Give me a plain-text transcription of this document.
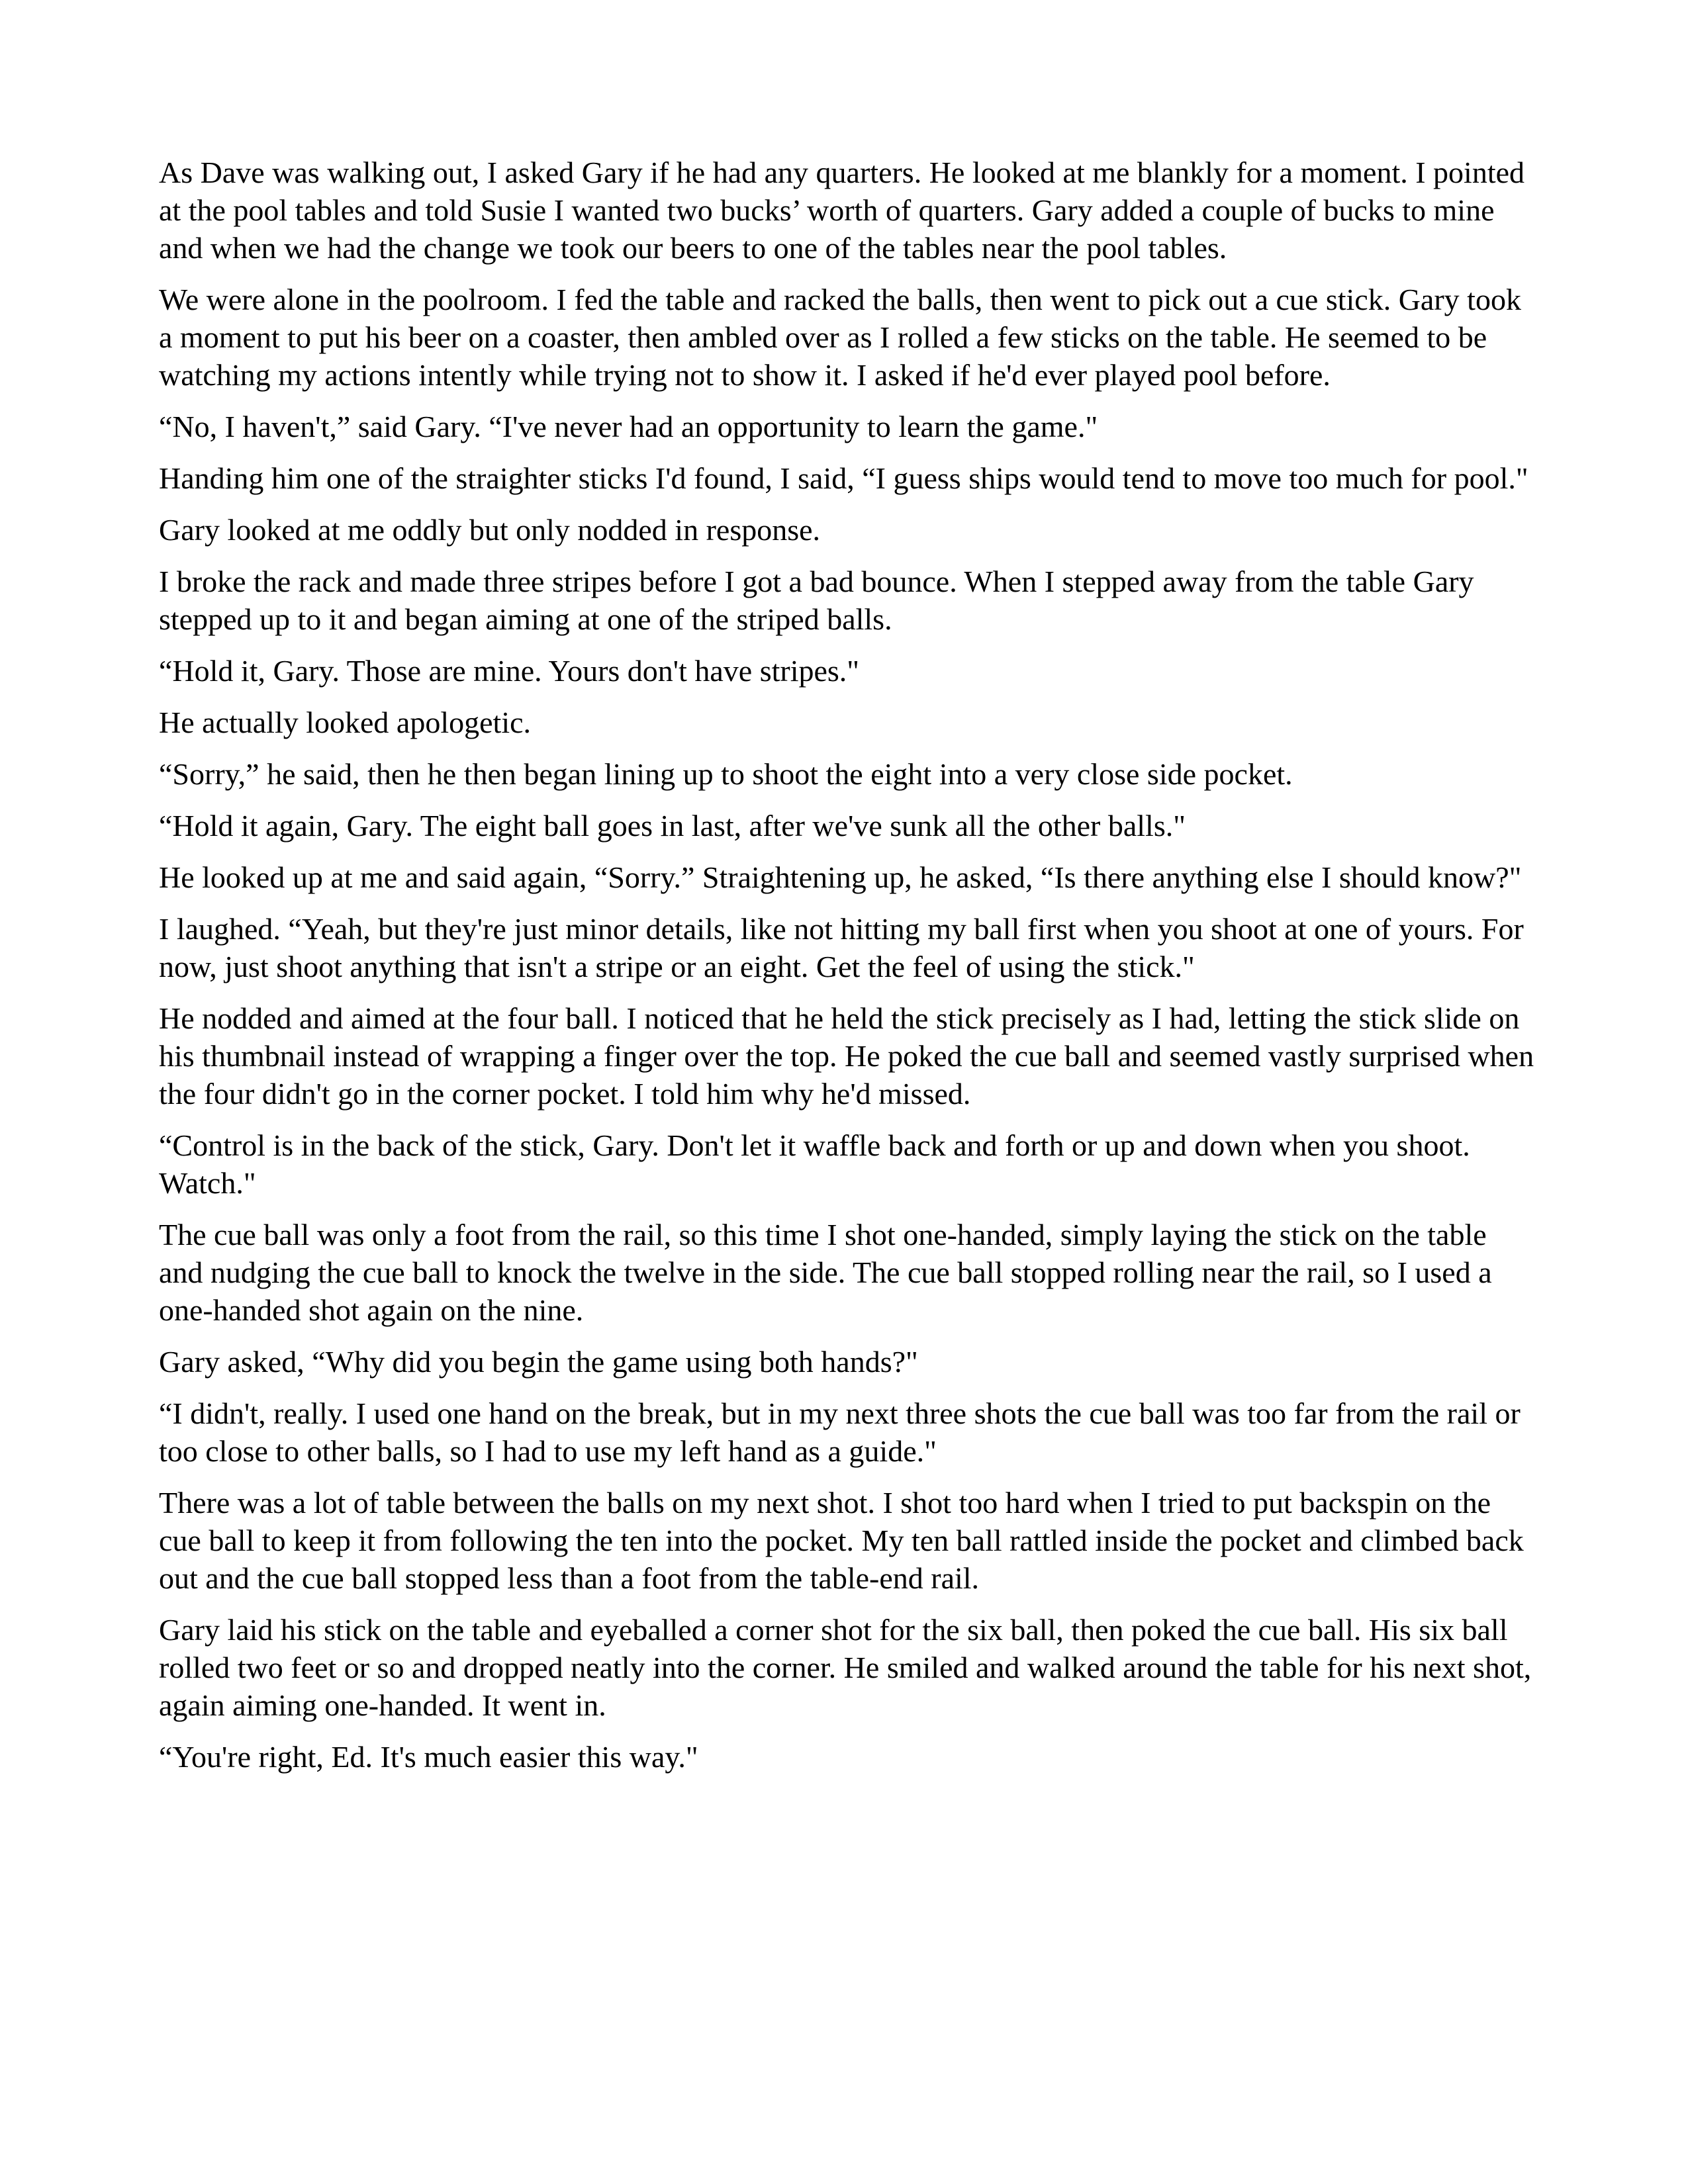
As Dave was walking out, I asked Gary if he had any quarters. He looked at me blankly for a moment. I pointed at the pool tables and told Susie I wanted two bucks’ worth of quarters. Gary added a couple of bucks to mine and when we had the change we took our beers to one of the tables near the pool tables.

We were alone in the poolroom. I fed the table and racked the balls, then went to pick out a cue stick. Gary took a moment to put his beer on a coaster, then ambled over as I rolled a few sticks on the table. He seemed to be watching my actions intently while trying not to show it. I asked if he'd ever played pool before.

“No, I haven't,” said Gary. “I've never had an opportunity to learn the game."

Handing him one of the straighter sticks I'd found, I said, “I guess ships would tend to move too much for pool."

Gary looked at me oddly but only nodded in response.

I broke the rack and made three stripes before I got a bad bounce. When I stepped away from the table Gary stepped up to it and began aiming at one of the striped balls.

“Hold it, Gary. Those are mine. Yours don't have stripes."

He actually looked apologetic.

“Sorry,” he said, then he then began lining up to shoot the eight into a very close side pocket.

“Hold it again, Gary. The eight ball goes in last, after we've sunk all the other balls."

He looked up at me and said again, “Sorry.” Straightening up, he asked, “Is there anything else I should know?"

I laughed. “Yeah, but they're just minor details, like not hitting my ball first when you shoot at one of yours. For now, just shoot anything that isn't a stripe or an eight. Get the feel of using the stick."

He nodded and aimed at the four ball. I noticed that he held the stick precisely as I had, letting the stick slide on his thumbnail instead of wrapping a finger over the top. He poked the cue ball and seemed vastly surprised when the four didn't go in the corner pocket. I told him why he'd missed.

“Control is in the back of the stick, Gary. Don't let it waffle back and forth or up and down when you shoot. Watch."

The cue ball was only a foot from the rail, so this time I shot one-handed, simply laying the stick on the table and nudging the cue ball to knock the twelve in the side. The cue ball stopped rolling near the rail, so I used a one-handed shot again on the nine.

Gary asked, “Why did you begin the game using both hands?"

“I didn't, really. I used one hand on the break, but in my next three shots the cue ball was too far from the rail or too close to other balls, so I had to use my left hand as a guide."

There was a lot of table between the balls on my next shot. I shot too hard when I tried to put backspin on the cue ball to keep it from following the ten into the pocket. My ten ball rattled inside the pocket and climbed back out and the cue ball stopped less than a foot from the table-end rail.

Gary laid his stick on the table and eyeballed a corner shot for the six ball, then poked the cue ball. His six ball rolled two feet or so and dropped neatly into the corner. He smiled and walked around the table for his next shot, again aiming one-handed. It went in.

“You're right, Ed. It's much easier this way."
